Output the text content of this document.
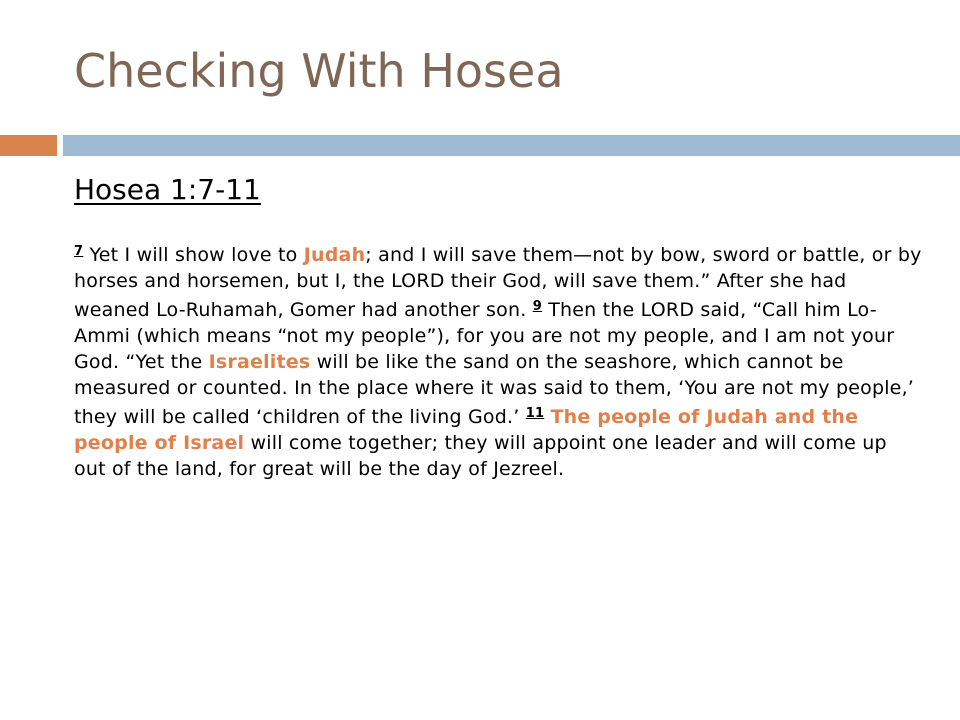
Checking With Hosea
Hosea 1:7-11

$^7$ Yet I will show love to Judah; and I will save them—not by bow, sword or battle, or by horses and horsemen, but I, the LORD their God, will save them.” After she had weaned Lo-Ruhamah, Gomer had another son. $^9$ Then the LORD said, “Call him Lo-Ammi (which means “not my people”), for you are not my people, and I am not your God. “Yet the Israelites will be like the sand on the seashore, which cannot be measured or counted. In the place where it was said to them, ‘You are not my people,’ they will be called ‘children of the living God.’ $^{11}$ The people of Judah and the people of Israel will come together; they will appoint one leader and will come up out of the land, for great will be the day of Jezreel.
